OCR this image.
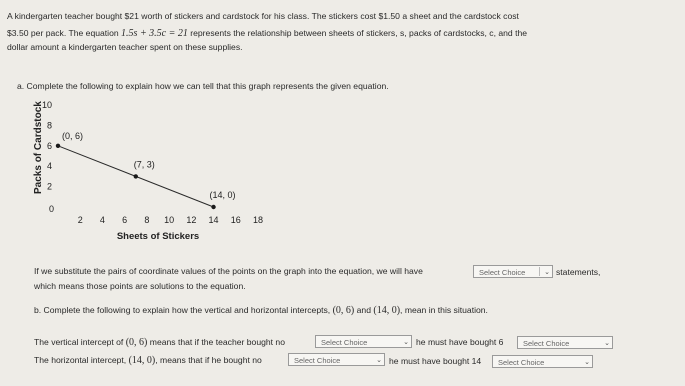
A kindergarten teacher bought $21 worth of stickers and cardstock for his class. The stickers cost $1.50 a sheet and the cardstock cost
$3.50 per pack. The equation 1.5s + 3.5c = 21 represents the relationship between sheets of stickers, s, packs of cardstocks, c, and the
dollar amount a kindergarten teacher spent on these supplies.
a. Complete the following to explain how we can tell that this graph represents the given equation.
Packs of Cardstock
Sheets of Stickers
0
2
4
6
8
10
2 4 6 8 10 12 14 16 18
(0, 6)
(7, 3)
(14, 0)
If we substitute the pairs of coordinate values of the points on the graph into the equation, we will have	Select Choice	⌄ statements,
which means those points are solutions to the equation.
b. Complete the following to explain how the vertical and horizontal intercepts, (0, 6) and (14, 0), mean in this situation.
The vertical intercept of (0, 6) means that if the teacher bought no	Select Choice	⌄ he must have bought 6	Select Choice	⌄
The horizontal intercept, (14, 0), means that if he bought no	Select Choice	⌄ he must have bought 14	Select Choice	⌄
